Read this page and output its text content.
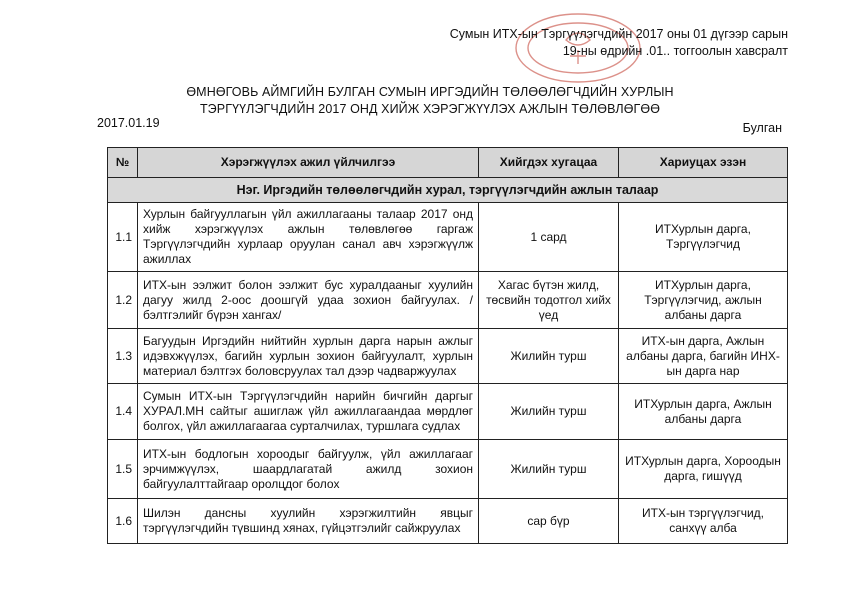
Сумын ИТХ-ын Тэргүүлэгчдийн 2017 оны 01 дүгээр сарын
19-ны өдрийн .01.. тоггоолын хавсралт
ӨМНӨГОВЬ АЙМГИЙН БУЛГАН СУМЫН ИРГЭДИЙН ТӨЛӨӨЛӨГЧДИЙН ХУРЛЫН
ТЭРГҮҮЛЭГЧДИЙН 2017 ОНД ХИЙЖ ХЭРЭГЖҮҮЛЭХ АЖЛЫН ТӨЛӨВЛӨГӨӨ
2017.01.19	Булган
№	Хэрэгжүүлэх ажил үйлчилгээ	Хийгдэх хугацаа	Хариуцах эзэн
Нэг. Иргэдийн төлөөлөгчдийн хурал, тэргүүлэгчдийн ажлын талаар			
1.1	Хурлын байгууллагын үйл ажиллагааны талаар 2017 онд хийж хэрэгжүүлэх ажлын төлөвлөгөө гаргаж Тэргүүлэгчдийн хурлаар оруулан санал авч хэрэгжүүлж ажиллах	1 сард	ИТХурлын дарга, Тэргүүлэгчид
1.2	ИТХ-ын ээлжит болон ээлжит бус хуралдааныг хуулийн дагуу жилд 2-оос доошгүй удаа зохион байгуулах. /бэлтгэлийг бүрэн хангах/	Хагас бүтэн жилд, төсвийн тодотгол хийх үед	ИТХурлын дарга, Тэргүүлэгчид, ажлын албаны дарга
1.3	Багуудын Иргэдийн нийтийн хурлын дарга нарын ажлыг идэвхжүүлэх, багийн хурлын зохион байгуулалт, хурлын материал бэлтгэх боловсруулах тал дээр чадваржуулах	Жилийн турш	ИТХ-ын дарга, Ажлын албаны дарга, багийн ИНХ-ын дарга нар
1.4	Сумын ИТХ-ын Тэргүүлэгчдийн нарийн бичгийн даргыг ХУРАЛ.МН сайтыг ашиглаж үйл ажиллагаандаа мөрдлөг болгох, үйл ажиллагаагаа сурталчилах, туршлага судлах	Жилийн турш	ИТХурлын дарга, Ажлын албаны дарга
1.5	ИТХ-ын бодлогын хороодыг байгуулж, үйл ажиллагааг эрчимжүүлэх, шаардлагатай ажилд зохион байгуулалттайгаар оролцдог болох	Жилийн турш	ИТХурлын дарга, Хороодын дарга, гишүүд
1.6	Шилэн дансны хуулийн хэрэгжилтийн явцыг тэргүүлэгчдийн түвшинд хянах, гүйцэтгэлийг сайжруулах	сар бүр	ИТХ-ын тэргүүлэгчид, санхүү алба
